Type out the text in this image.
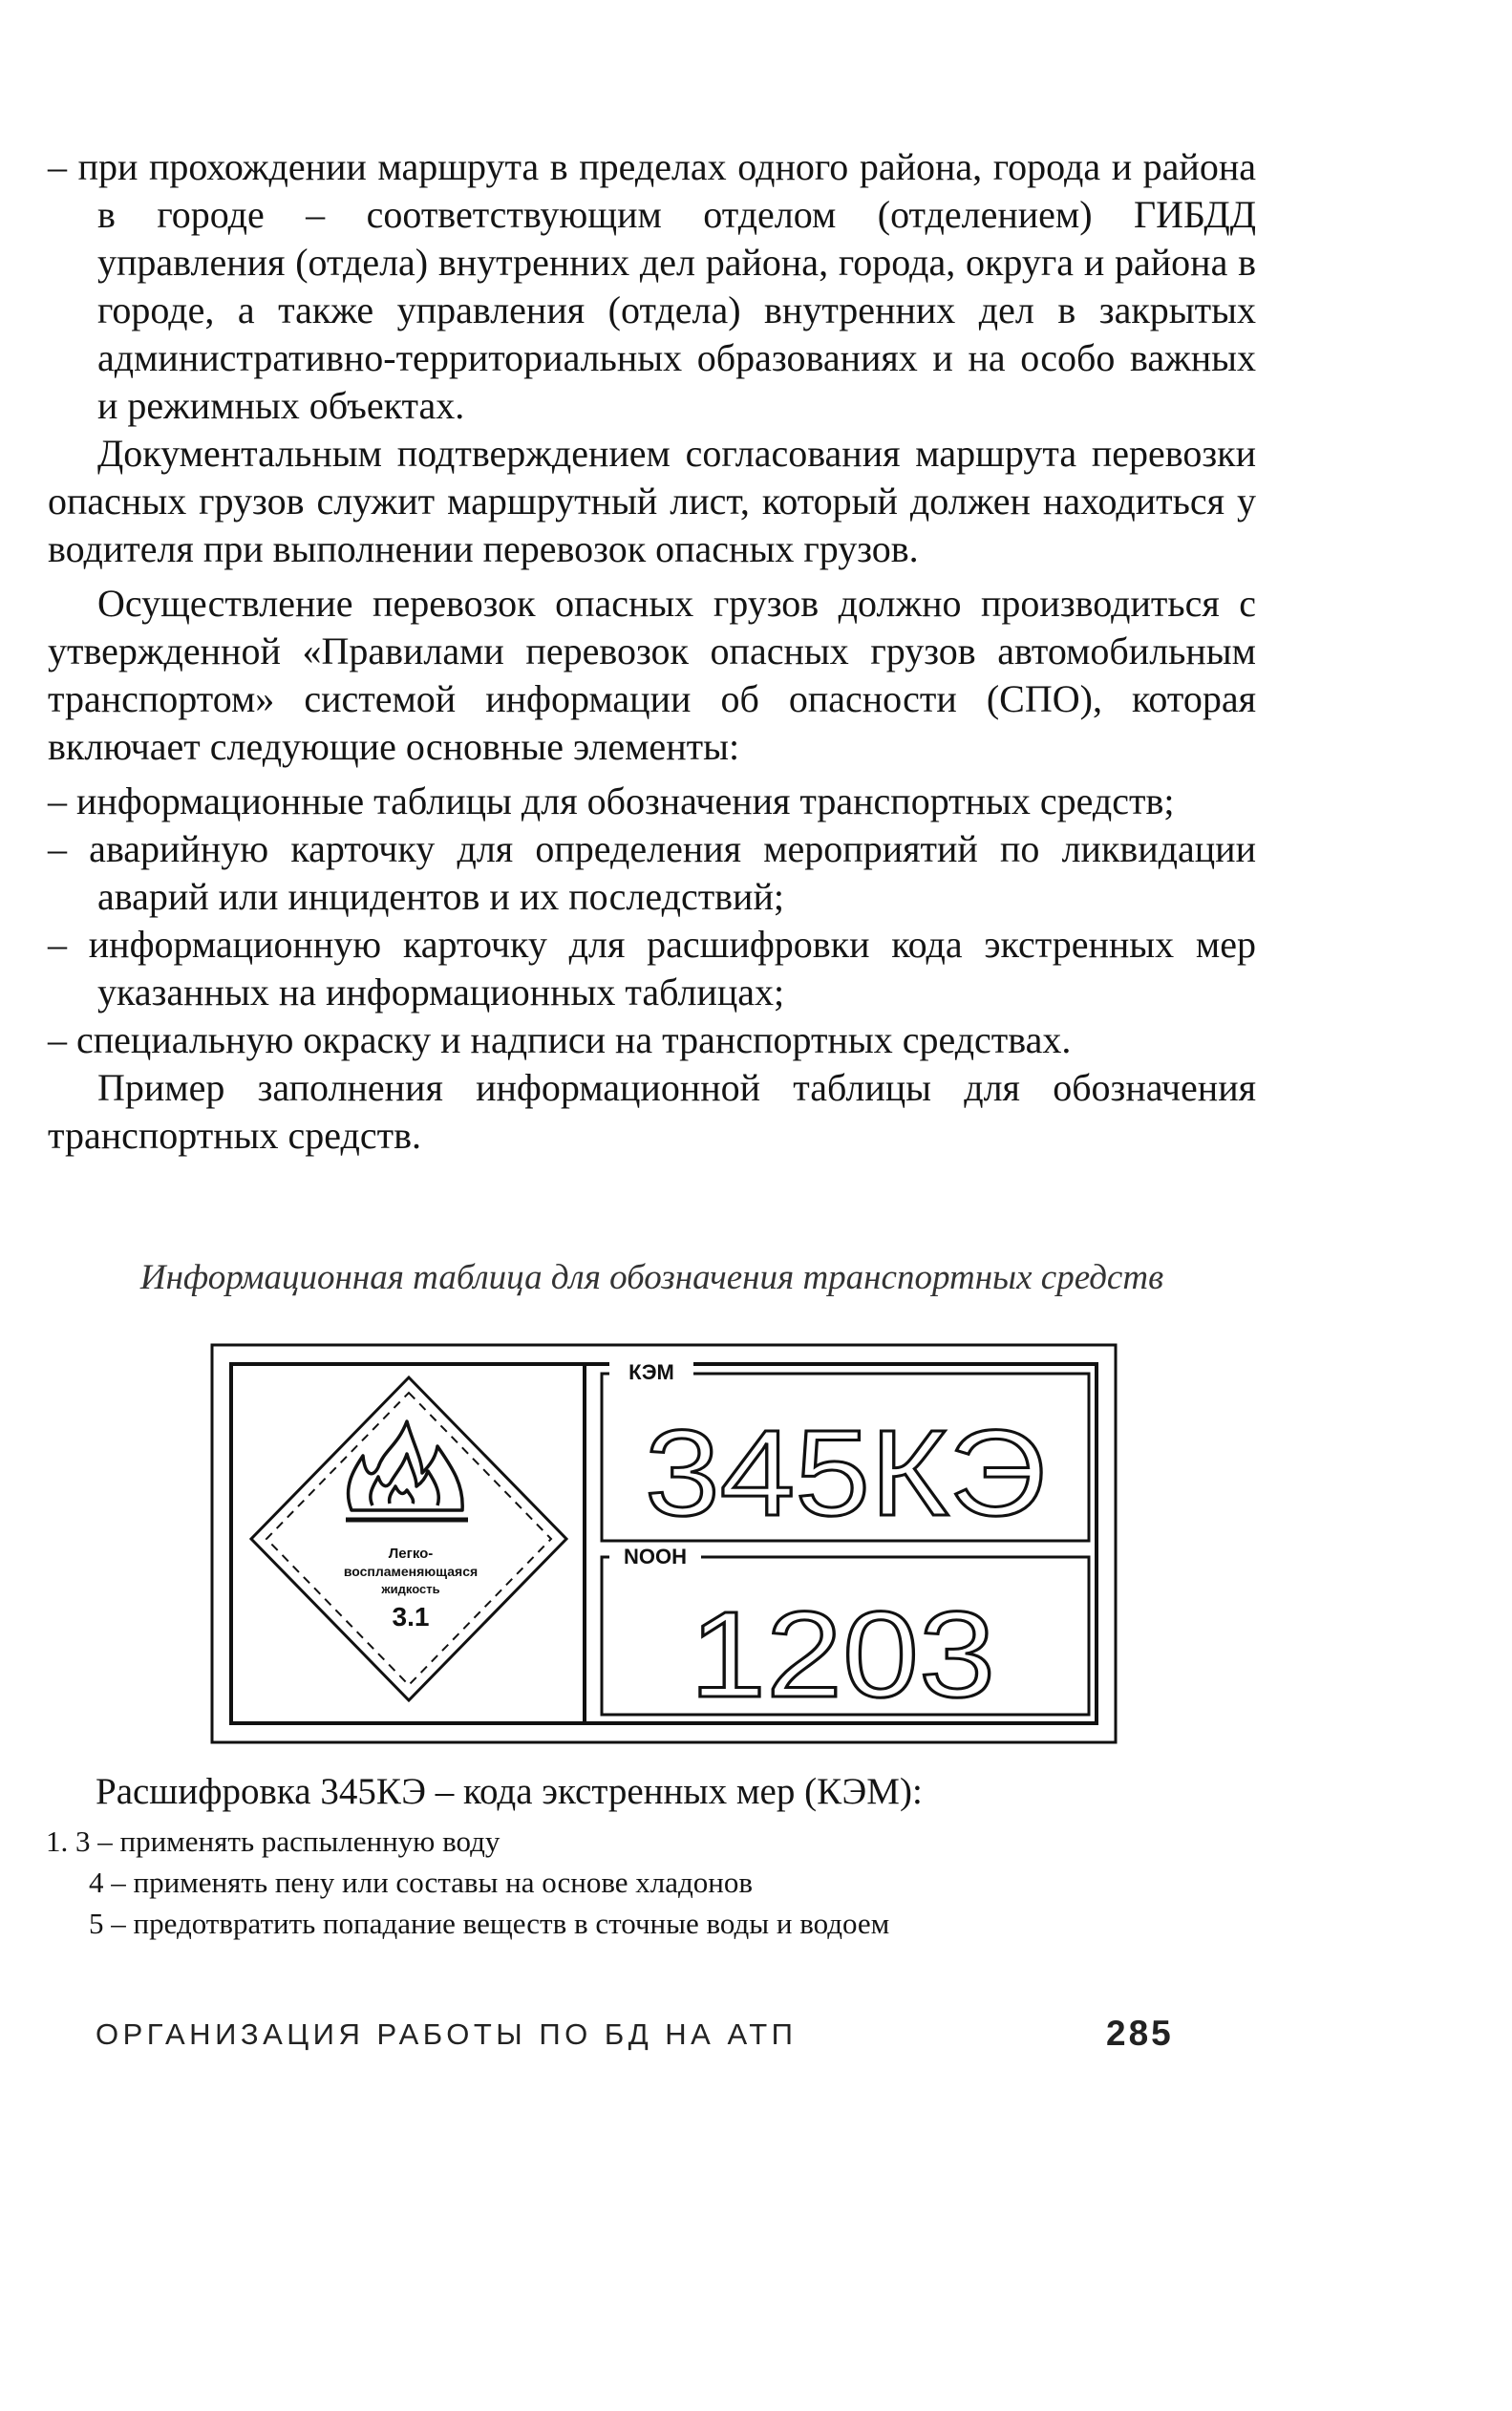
– при прохождении маршрута в пределах одного района, города и района в городе – соответствующим отделом (отделением) ГИБДД управления (отдела) внутренних дел района, города, округа и района в городе, а также управления (отдела) внутренних дел в закрытых административно-территориальных образованиях и на особо важных и режимных объектах.
Документальным подтверждением согласования маршрута перевозки опасных грузов служит маршрутный лист, который должен находиться у водителя при выполнении перевозок опасных грузов.
Осуществление перевозок опасных грузов должно производиться с утвержденной «Правилами перевозок опасных грузов автомобильным транспортом» системой информации об опасности (СПО), которая включает следующие основные элементы:
– информационные таблицы для обозначения транспортных средств;
– аварийную карточку для определения мероприятий по ликвидации аварий или инцидентов и их последствий;
– информационную карточку для расшифровки кода экстренных мер указанных на информационных таблицах;
– специальную окраску и надписи на транспортных средствах.
Пример заполнения информационной таблицы для обозначения транспортных средств.
Информационная таблица для обозначения транспортных средств
Легко-
воспламеняющаяся
жидкость
3.1
КЭМ
345КЭ
NOOH
1203
Расшифровка 345КЭ – кода экстренных мер (КЭМ):
1. 3 – применять распыленную воду
4 – применять пену или составы на основе хладонов
5 – предотвратить попадание веществ в сточные воды и водоем
ОРГАНИЗАЦИЯ РАБОТЫ ПО БД НА АТП	285
